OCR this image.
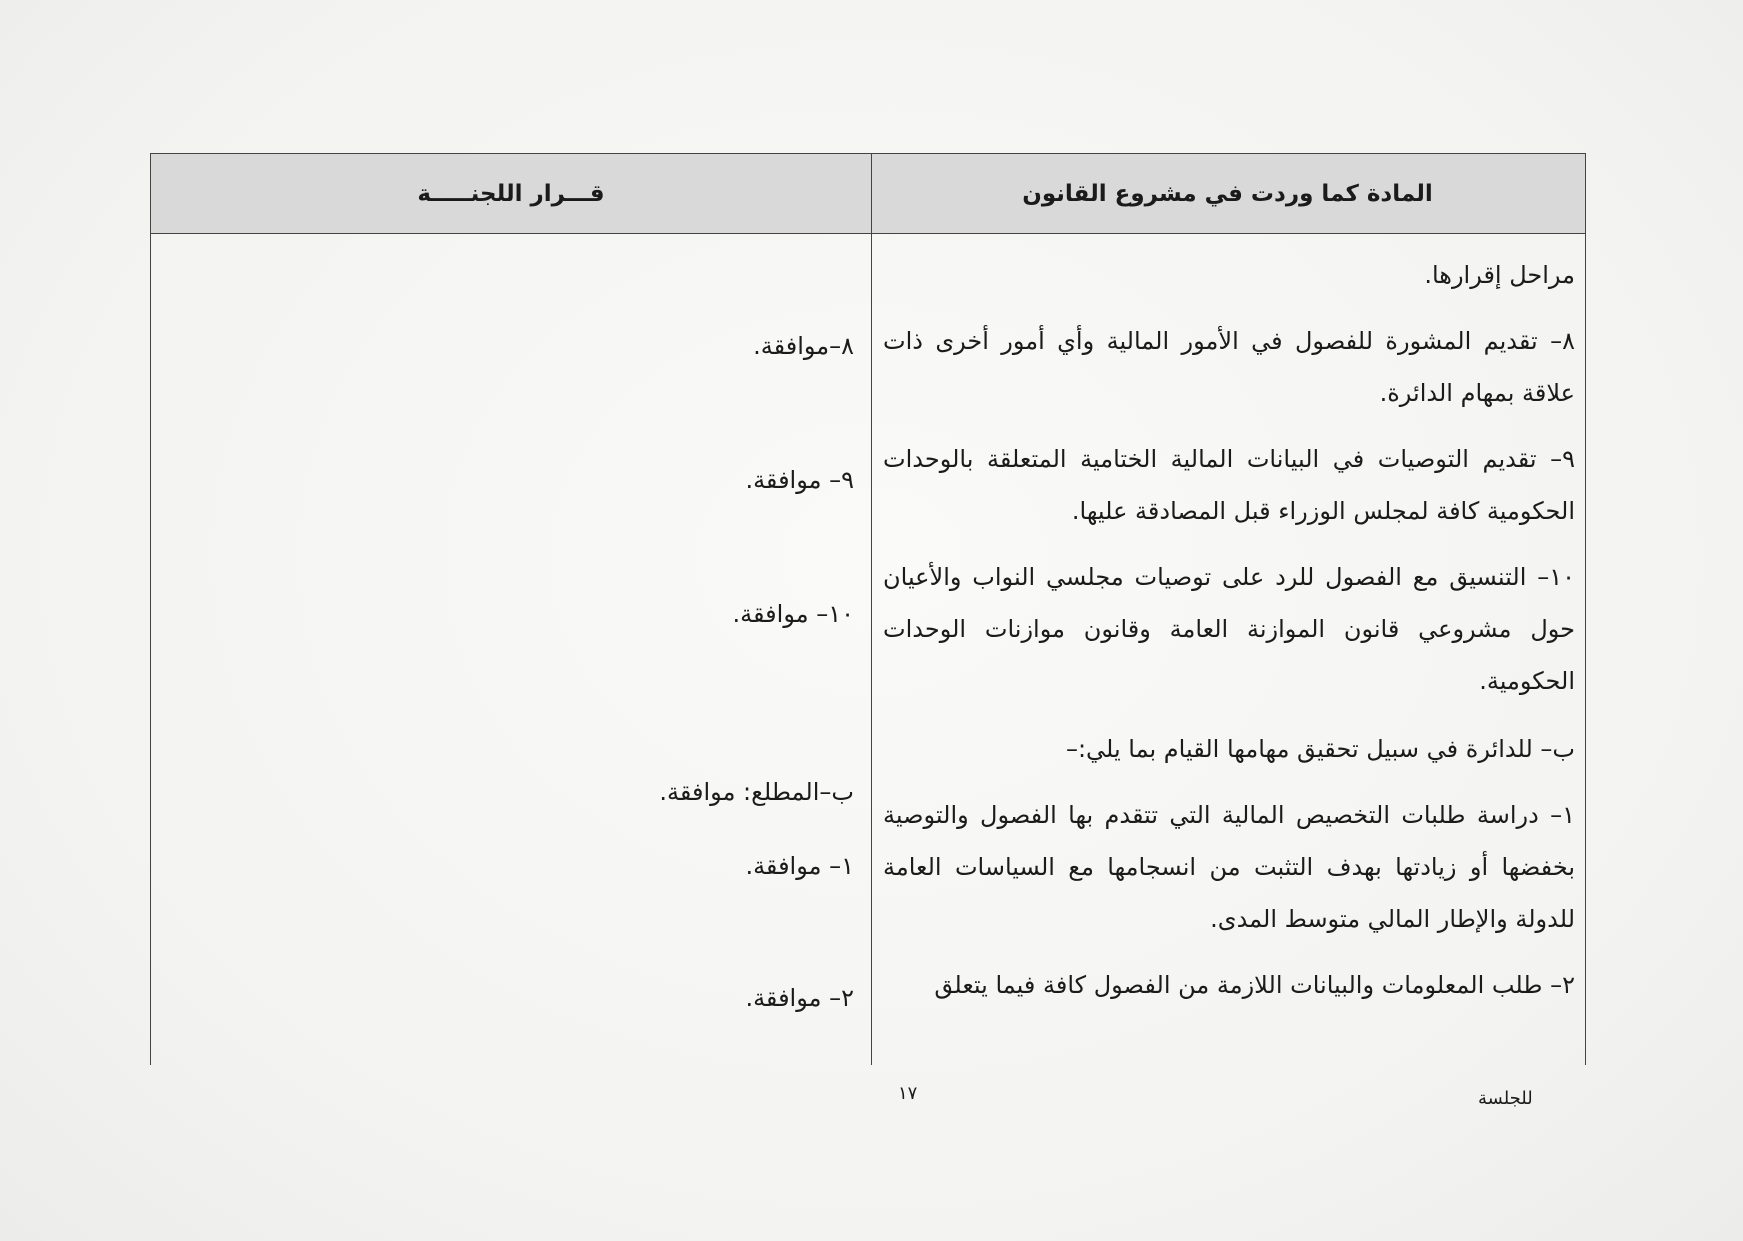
المادة كما وردت في مشروع القانون
قـــرار اللجنـــــة

مراحل إقرارها.

٨– تقديم المشورة للفصول في الأمور المالية وأي أمور أخرى ذات علاقة بمهام الدائرة.

٩– تقديم التوصيات في البيانات المالية الختامية المتعلقة بالوحدات الحكومية كافة لمجلس الوزراء قبل المصادقة عليها.

١٠– التنسيق مع الفصول للرد على توصيات مجلسي النواب والأعيان حول مشروعي قانون الموازنة العامة وقانون موازنات الوحدات الحكومية.

ب– للدائرة في سبيل تحقيق مهامها القيام بما يلي:–

١– دراسة طلبات التخصيص المالية التي تتقدم بها الفصول والتوصية بخفضها أو زيادتها بهدف التثبت من انسجامها مع السياسات العامة للدولة والإطار المالي متوسط المدى.

٢– طلب المعلومات والبيانات اللازمة من الفصول كافة فيما يتعلق

٨–موافقة.
٩– موافقة.
١٠– موافقة.
ب–المطلع: موافقة.
١– موافقة.
٢– موافقة.
١٧	للجلسة
